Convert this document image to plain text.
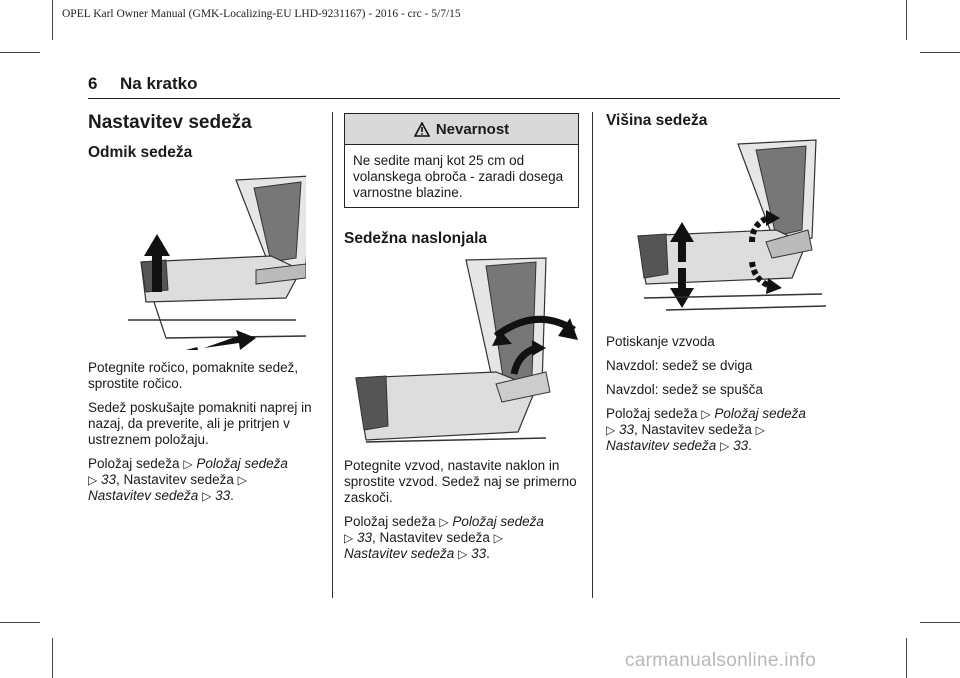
OPEL Karl Owner Manual (GMK-Localizing-EU LHD-9231167) - 2016 - crc - 5/7/15
6 Na kratko
Nastavitev sedeža
Odmik sedeža

Potegnite ročico, pomaknite sedež, sprostite ročico.

Sedež poskušajte pomakniti naprej in nazaj, da preverite, ali je pritrjen v ustreznem položaju.

Položaj sedeža ▷ Položaj sedeža
▷ 33, Nastavitev sedeža ▷
Nastavitev sedeža ▷ 33.

Nevarnost
Ne sedite manj kot 25 cm od volanskega obroča - zaradi dosega varnostne blazine.
Sedežna naslonjala

Potegnite vzvod, nastavite naklon in sprostite vzvod. Sedež naj se primerno zaskoči.

Položaj sedeža ▷ Položaj sedeža
▷ 33, Nastavitev sedeža ▷
Nastavitev sedeža ▷ 33.

Višina sedeža

Potiskanje vzvoda

Navzdol: sedež se dviga

Navzdol: sedež se spušča

Položaj sedeža ▷ Položaj sedeža
▷ 33, Nastavitev sedeža ▷
Nastavitev sedeža ▷ 33.

carmanualsonline.info
